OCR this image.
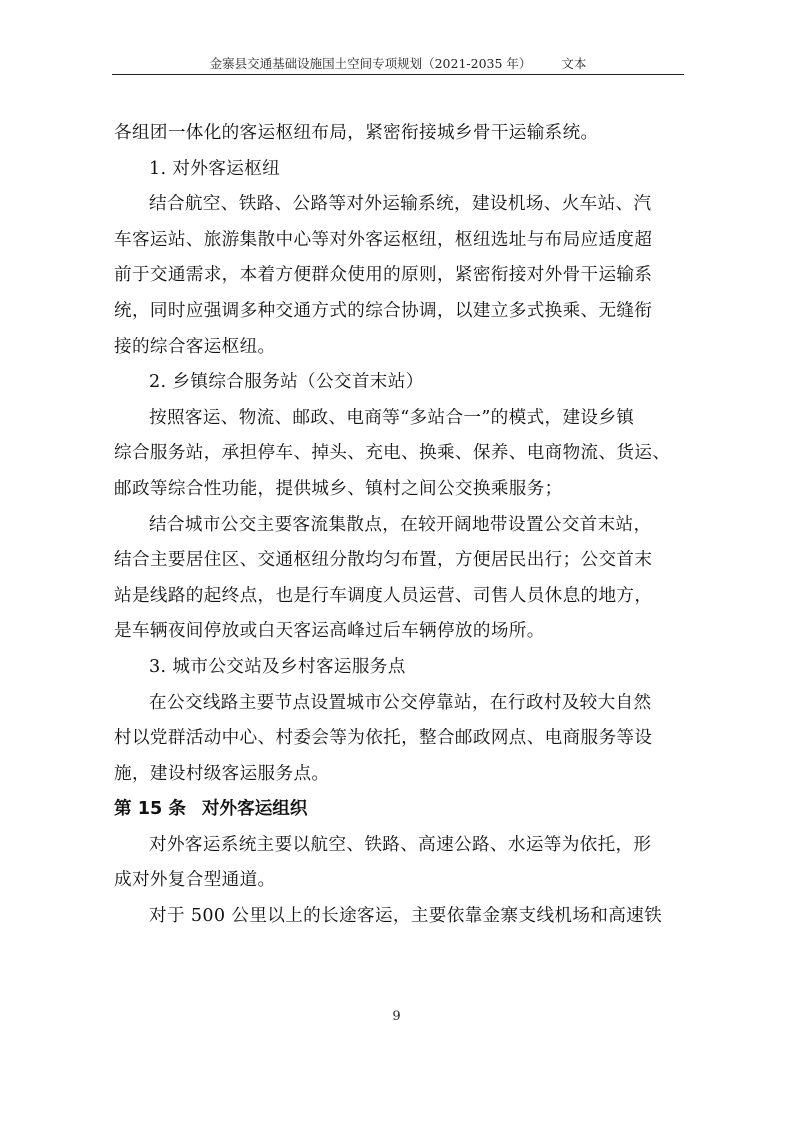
金寨县交通基础设施国土空间专项规划（2021-2035 年） 文本
各组团一体化的客运枢纽布局，紧密衔接城乡骨干运输系统。
1. 对外客运枢纽
结合航空、铁路、公路等对外运输系统，建设机场、火车站、汽
车客运站、旅游集散中心等对外客运枢纽，枢纽选址与布局应适度超
前于交通需求，本着方便群众使用的原则，紧密衔接对外骨干运输系
统，同时应强调多种交通方式的综合协调，以建立多式换乘、无缝衔
接的综合客运枢纽。
2. 乡镇综合服务站（公交首末站）
按照客运、物流、邮政、电商等“多站合一”的模式，建设乡镇
综合服务站，承担停车、掉头、充电、换乘、保养、电商物流、货运、
邮政等综合性功能，提供城乡、镇村之间公交换乘服务；
结合城市公交主要客流集散点，在较开阔地带设置公交首末站，
结合主要居住区、交通枢纽分散均匀布置，方便居民出行；公交首末
站是线路的起终点，也是行车调度人员运营、司售人员休息的地方，
是车辆夜间停放或白天客运高峰过后车辆停放的场所。
3. 城市公交站及乡村客运服务点
在公交线路主要节点设置城市公交停靠站，在行政村及较大自然
村以党群活动中心、村委会等为依托，整合邮政网点、电商服务等设
施，建设村级客运服务点。
第 15 条 对外客运组织
对外客运系统主要以航空、铁路、高速公路、水运等为依托，形
成对外复合型通道。
对于 500 公里以上的长途客运，主要依靠金寨支线机场和高速铁
9
